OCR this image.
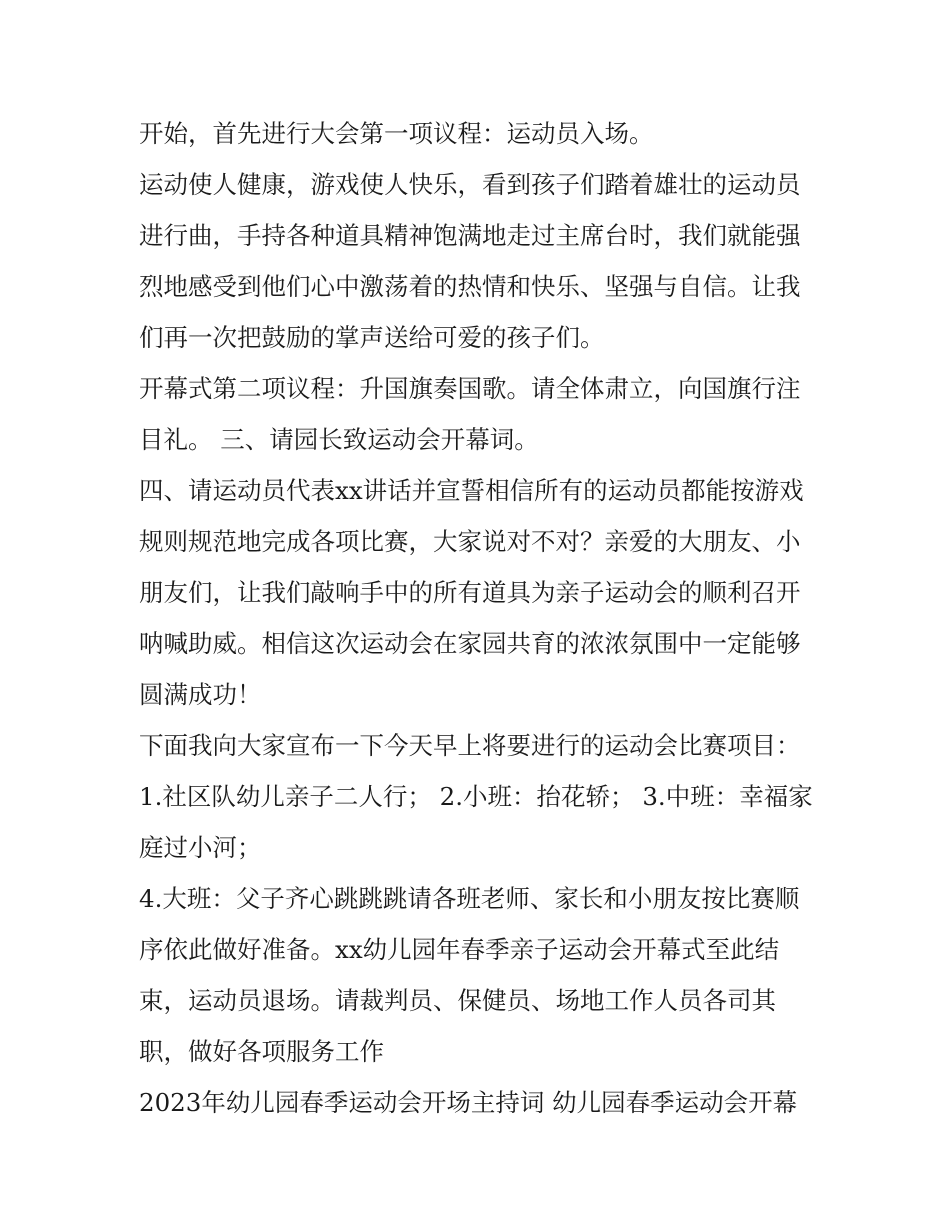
开始，首先进行大会第一项议程：运动员入场。

运动使人健康，游戏使人快乐，看到孩子们踏着雄壮的运动员进行曲，手持各种道具精神饱满地走过主席台时，我们就能强烈地感受到他们心中激荡着的热情和快乐、坚强与自信。让我们再一次把鼓励的掌声送给可爱的孩子们。

开幕式第二项议程：升国旗奏国歌。请全体肃立，向国旗行注目礼。 三、请园长致运动会开幕词。

四、请运动员代表xx讲话并宣誓相信所有的运动员都能按游戏规则规范地完成各项比赛，大家说对不对？亲爱的大朋友、小朋友们，让我们敲响手中的所有道具为亲子运动会的顺利召开呐喊助威。相信这次运动会在家园共育的浓浓氛围中一定能够圆满成功！

下面我向大家宣布一下今天早上将要进行的运动会比赛项目：

1.社区队幼儿亲子二人行； 2.小班：抬花轿； 3.中班：幸福家庭过小河；

4.大班：父子齐心跳跳跳请各班老师、家长和小朋友按比赛顺序依此做好准备。xx幼儿园年春季亲子运动会开幕式至此结束，运动员退场。请裁判员、保健员、场地工作人员各司其职，做好各项服务工作

2023年幼儿园春季运动会开场主持词 幼儿园春季运动会开幕
